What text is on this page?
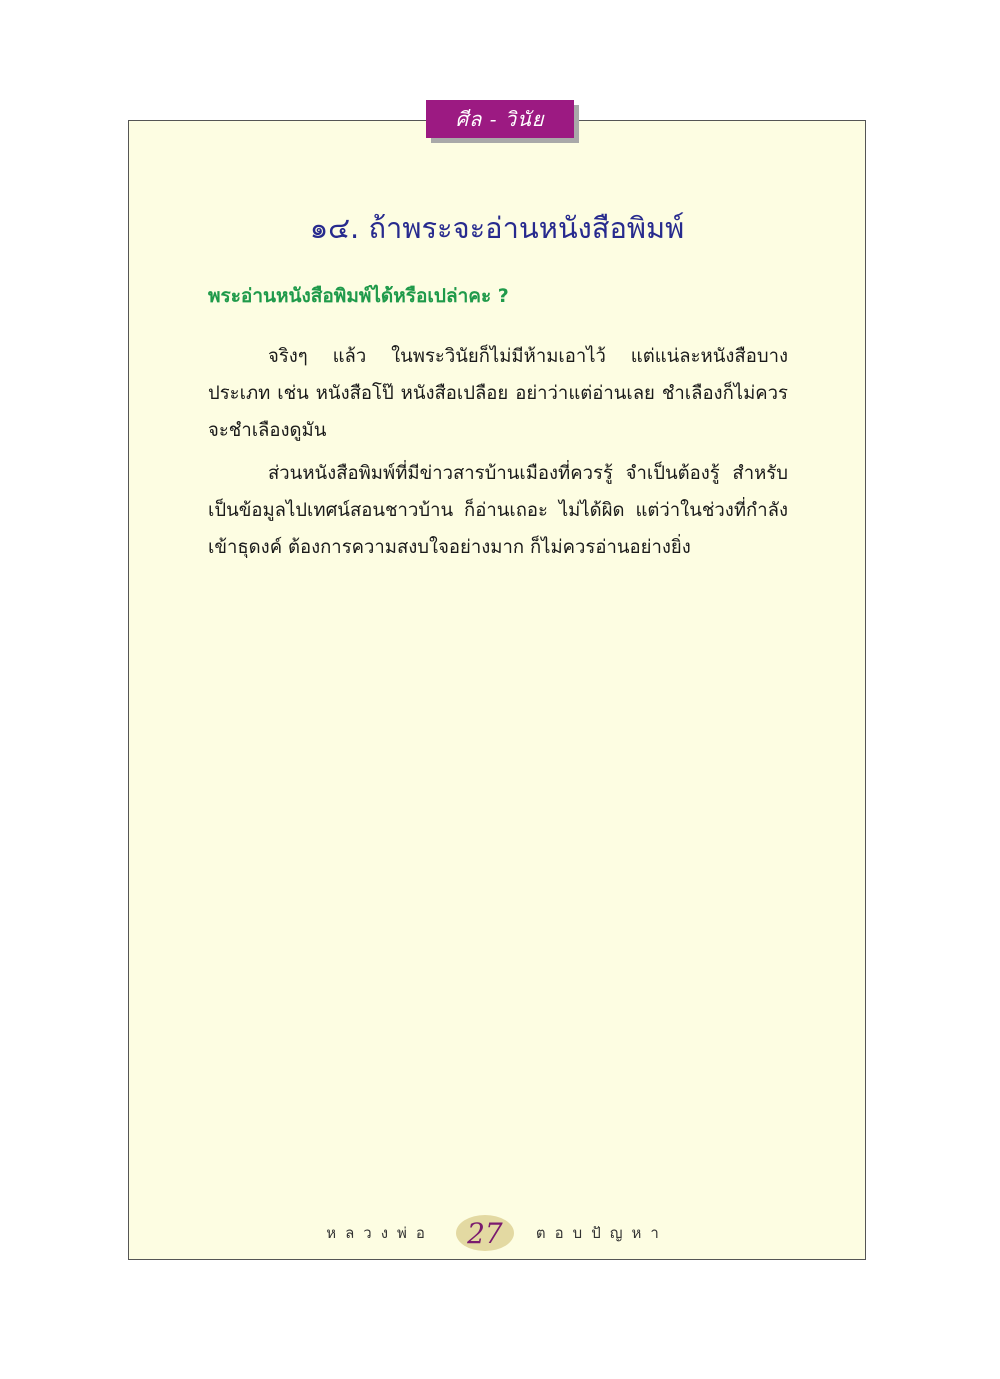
ศีล - วินัย
๑๔. ถ้าพระจะอ่านหนังสือพิมพ์
พระอ่านหนังสือพิมพ์ได้หรือเปล่าคะ ?

จริงๆ แล้ว ในพระวินัยก็ไม่มีห้ามเอาไว้ แต่แน่ละหนังสือบางประเภท เช่น หนังสือโป๊ หนังสือเปลือย อย่าว่าแต่อ่านเลย ชำเลืองก็ไม่ควรจะชำเลืองดูมัน

ส่วนหนังสือพิมพ์ที่มีข่าวสารบ้านเมืองที่ควรรู้ จำเป็นต้องรู้ สำหรับเป็นข้อมูลไปเทศน์สอนชาวบ้าน ก็อ่านเถอะ ไม่ได้ผิด แต่ว่าในช่วงที่กำลังเข้าธุดงค์ ต้องการความสงบใจอย่างมาก ก็ไม่ควรอ่านอย่างยิ่ง

หลวงพ่อ	27	ตอบปัญหา
